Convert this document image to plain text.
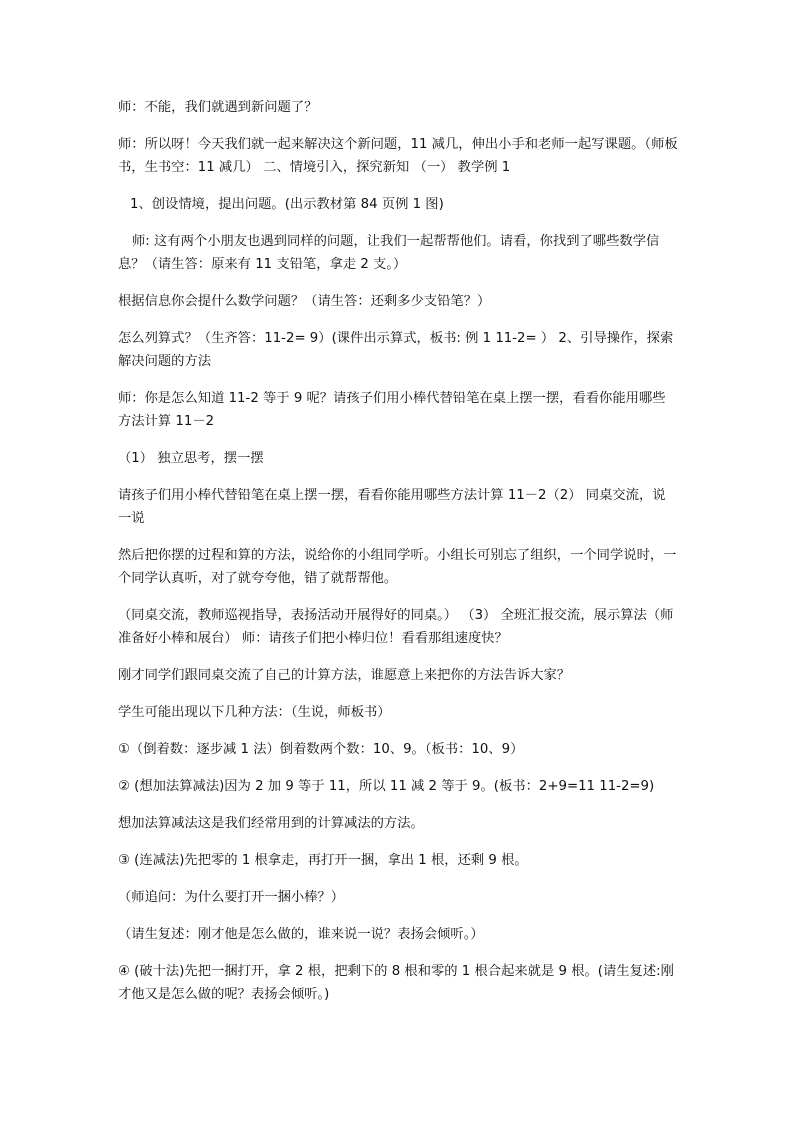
师：不能，我们就遇到新问题了？

师：所以呀！今天我们就一起来解决这个新问题，11 减几，伸出小手和老师一起写课题。（师板书，生书空：11 减几） 二、情境引入，探究新知 （一） 教学例 1

1、创设情境，提出问题。(出示教材第 84 页例 1 图)

师: 这有两个小朋友也遇到同样的问题，让我们一起帮帮他们。请看，你找到了哪些数学信息？（请生答：原来有 11 支铅笔，拿走 2 支。）

根据信息你会提什么数学问题？（请生答：还剩多少支铅笔？）

怎么列算式？（生齐答：11-2= 9）(课件出示算式，板书: 例 1 11-2= ） 2、引导操作，探索解决问题的方法

师：你是怎么知道 11-2 等于 9 呢？请孩子们用小棒代替铅笔在桌上摆一摆，看看你能用哪些方法计算 11－2

（1） 独立思考，摆一摆

请孩子们用小棒代替铅笔在桌上摆一摆，看看你能用哪些方法计算 11－2（2） 同桌交流，说一说

然后把你摆的过程和算的方法，说给你的小组同学听。小组长可别忘了组织，一个同学说时，一个同学认真听，对了就夸夸他，错了就帮帮他。

（同桌交流，教师巡视指导，表扬活动开展得好的同桌。） （3） 全班汇报交流，展示算法（师准备好小棒和展台） 师：请孩子们把小棒归位！看看那组速度快？

刚才同学们跟同桌交流了自己的计算方法，谁愿意上来把你的方法告诉大家？

学生可能出现以下几种方法：（生说，师板书）

①（倒着数：逐步减 1 法）倒着数两个数：10、9。（板书：10、9）

② (想加法算减法)因为 2 加 9 等于 11，所以 11 减 2 等于 9。(板书：2+9=11 11-2=9)

想加法算减法这是我们经常用到的计算减法的方法。

③ (连减法)先把零的 1 根拿走，再打开一捆，拿出 1 根，还剩 9 根。

（师追问：为什么要打开一捆小棒？）

（请生复述：刚才他是怎么做的，谁来说一说？表扬会倾听。）

④ (破十法)先把一捆打开，拿 2 根，把剩下的 8 根和零的 1 根合起来就是 9 根。(请生复述:刚才他又是怎么做的呢？表扬会倾听。)
